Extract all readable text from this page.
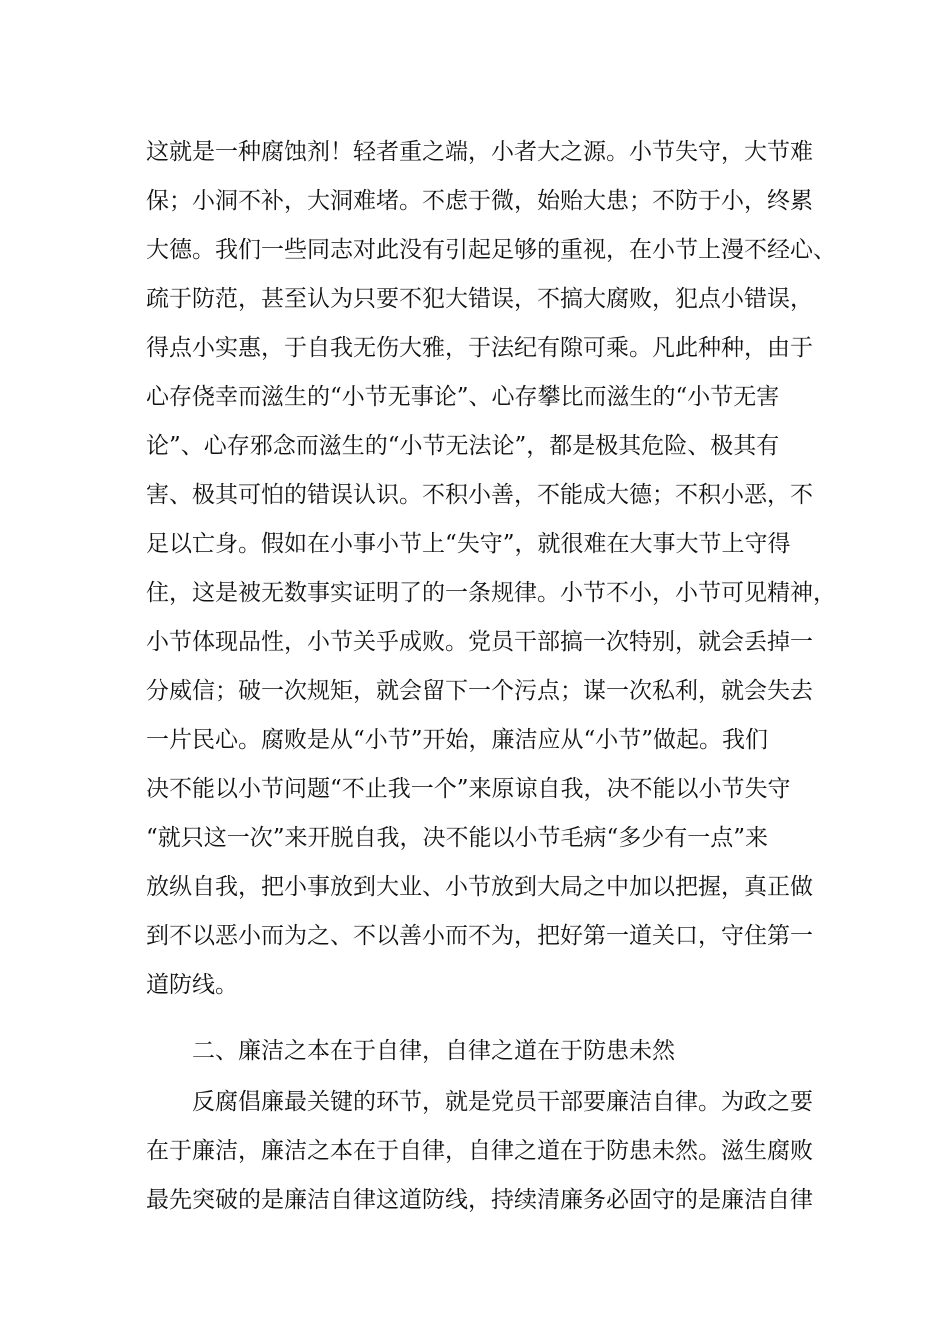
这就是一种腐蚀剂！轻者重之端，小者大之源。小节失守，大节难
保；小洞不补，大洞难堵。不虑于微，始贻大患；不防于小，终累
大德。我们一些同志对此没有引起足够的重视，在小节上漫不经心、
疏于防范，甚至认为只要不犯大错误，不搞大腐败，犯点小错误，
得点小实惠，于自我无伤大雅，于法纪有隙可乘。凡此种种，由于
心存侥幸而滋生的“小节无事论”、心存攀比而滋生的“小节无害
论”、心存邪念而滋生的“小节无法论”，都是极其危险、极其有
害、极其可怕的错误认识。不积小善，不能成大德；不积小恶，不
足以亡身。假如在小事小节上“失守”，就很难在大事大节上守得
住，这是被无数事实证明了的一条规律。小节不小，小节可见精神，
小节体现品性，小节关乎成败。党员干部搞一次特别，就会丢掉一
分威信；破一次规矩，就会留下一个污点；谋一次私利，就会失去
一片民心。腐败是从“小节”开始，廉洁应从“小节”做起。我们
决不能以小节问题“不止我一个”来原谅自我，决不能以小节失守
“就只这一次”来开脱自我，决不能以小节毛病“多少有一点”来
放纵自我，把小事放到大业、小节放到大局之中加以把握，真正做
到不以恶小而为之、不以善小而不为，把好第一道关口，守住第一
道防线。
二、廉洁之本在于自律，自律之道在于防患未然
反腐倡廉最关键的环节，就是党员干部要廉洁自律。为政之要
在于廉洁，廉洁之本在于自律，自律之道在于防患未然。滋生腐败
最先突破的是廉洁自律这道防线，持续清廉务必固守的是廉洁自律
